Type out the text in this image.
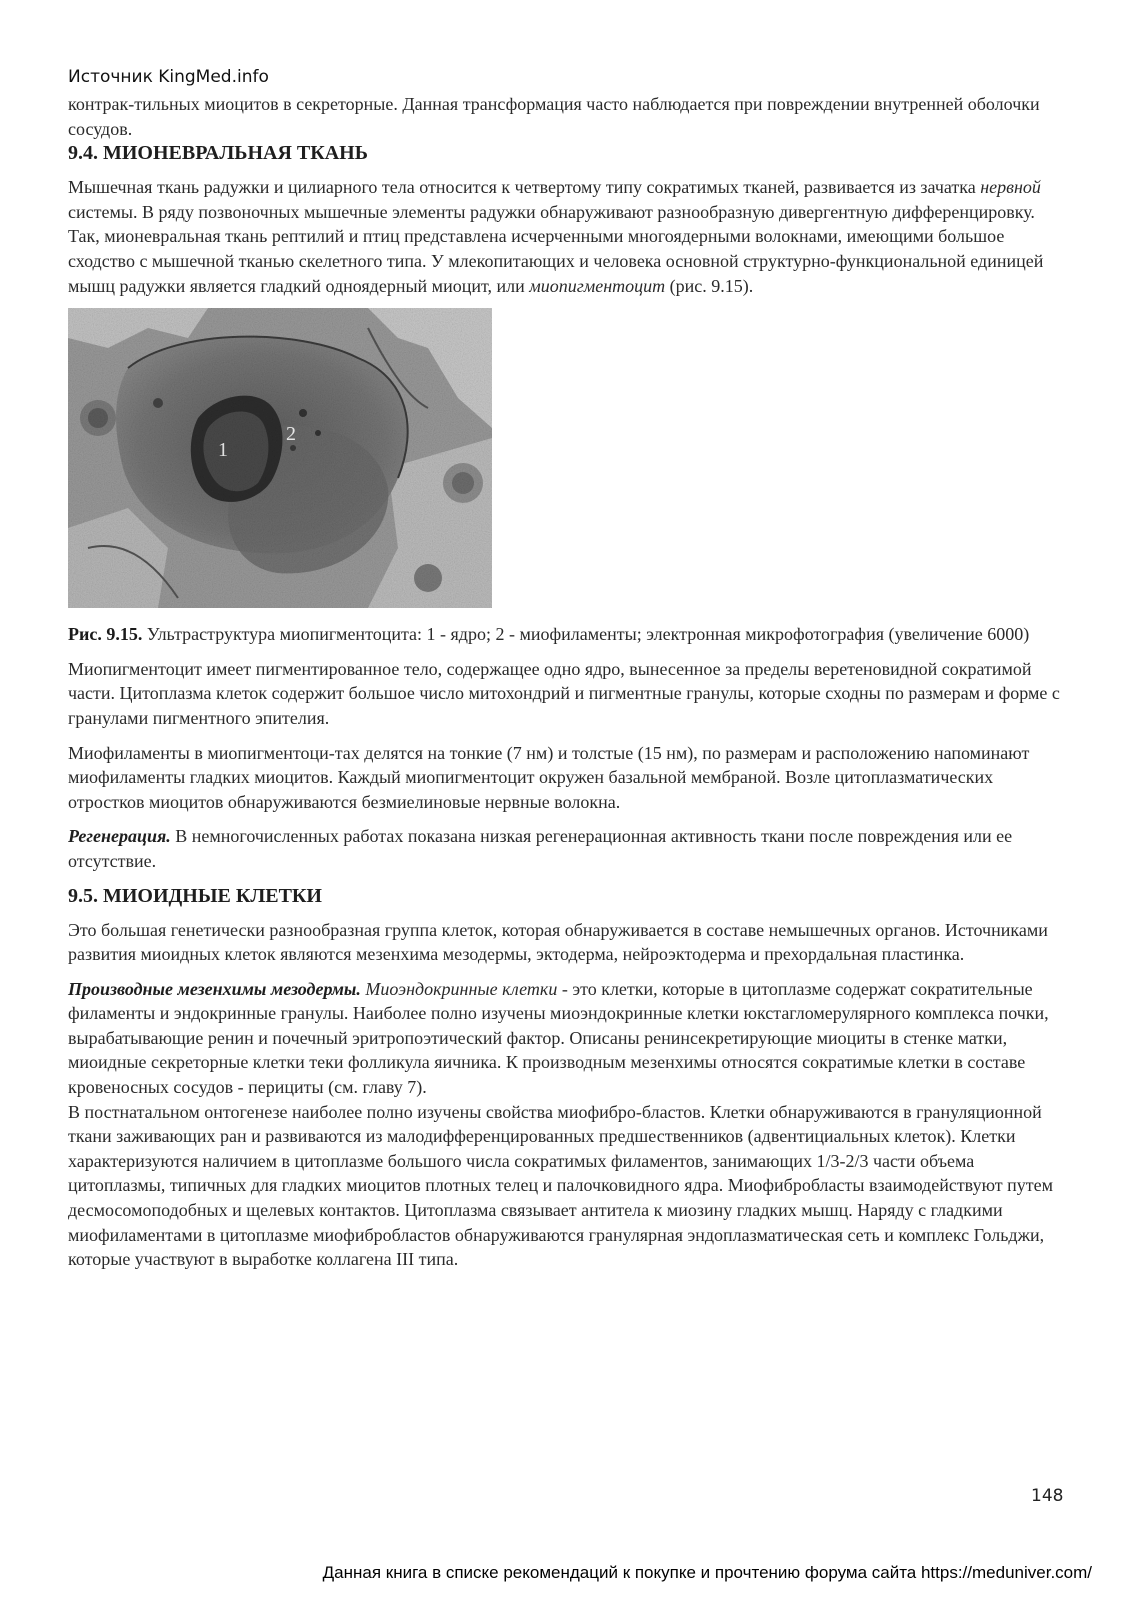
Источник KingMed.info

контрак-тильных миоцитов в секреторные. Данная трансформация часто наблюдается при повреждении внутренней оболочки сосудов.

9.4. МИОНЕВРАЛЬНАЯ ТКАНЬ

Мышечная ткань радужки и цилиарного тела относится к четвертому типу сократимых тканей, развивается из зачатка нервной системы. В ряду позвоночных мышечные элементы радужки обнаруживают разнообразную дивергентную дифференцировку. Так, мионевральная ткань рептилий и птиц представлена исчерченными многоядерными волокнами, имеющими большое сходство с мышечной тканью скелетного типа. У млекопитающих и человека основной структурно-функциональной единицей мышц радужки является гладкий одноядерный миоцит, или миопигментоцит (рис. 9.15).

1
2

Рис. 9.15. Ультраструктура миопигментоцита: 1 - ядро; 2 - миофиламенты; электронная микрофотография (увеличение 6000)

Миопигментоцит имеет пигментированное тело, содержащее одно ядро, вынесенное за пределы веретеновидной сократимой части. Цитоплазма клеток содержит большое число митохондрий и пигментные гранулы, которые сходны по размерам и форме с гранулами пигментного эпителия.

Миофиламенты в миопигментоци-тах делятся на тонкие (7 нм) и толстые (15 нм), по размерам и расположению напоминают миофиламенты гладких миоцитов. Каждый миопигментоцит окружен базальной мембраной. Возле цитоплазматических отростков миоцитов обнаруживаются безмиелиновые нервные волокна.

Регенерация. В немногочисленных работах показана низкая регенерационная активность ткани после повреждения или ее отсутствие.

9.5. МИОИДНЫЕ КЛЕТКИ

Это большая генетически разнообразная группа клеток, которая обнаруживается в составе немышечных органов. Источниками развития миоидных клеток являются мезенхима мезодермы, эктодерма, нейроэктодерма и прехордальная пластинка.

Производные мезенхимы мезодермы. Миоэндокринные клетки - это клетки, которые в цитоплазме содержат сократительные филаменты и эндокринные гранулы. Наиболее полно изучены миоэндокринные клетки юкстагломерулярного комплекса почки, вырабатывающие ренин и почечный эритропоэтический фактор. Описаны ренинсекретирующие миоциты в стенке матки, миоидные секреторные клетки теки фолликула яичника. К производным мезенхимы относятся сократимые клетки в составе кровеносных сосудов - перициты (см. главу 7).

В постнатальном онтогенезе наиболее полно изучены свойства миофибро-бластов. Клетки обнаруживаются в грануляционной ткани заживающих ран и развиваются из малодифференцированных предшественников (адвентициальных клеток). Клетки характеризуются наличием в цитоплазме большого числа сократимых филаментов, занимающих 1/3-2/3 части объема цитоплазмы, типичных для гладких миоцитов плотных телец и палочковидного ядра. Миофибробласты взаимодействуют путем десмосомоподобных и щелевых контактов. Цитоплазма связывает антитела к миозину гладких мышц. Наряду с гладкими миофиламентами в цитоплазме миофибробластов обнаруживаются гранулярная эндоплазматическая сеть и комплекс Гольджи, которые участвуют в выработке коллагена III типа.

148
Данная книга в списке рекомендаций к покупке и прочтению форума сайта https://meduniver.com/
